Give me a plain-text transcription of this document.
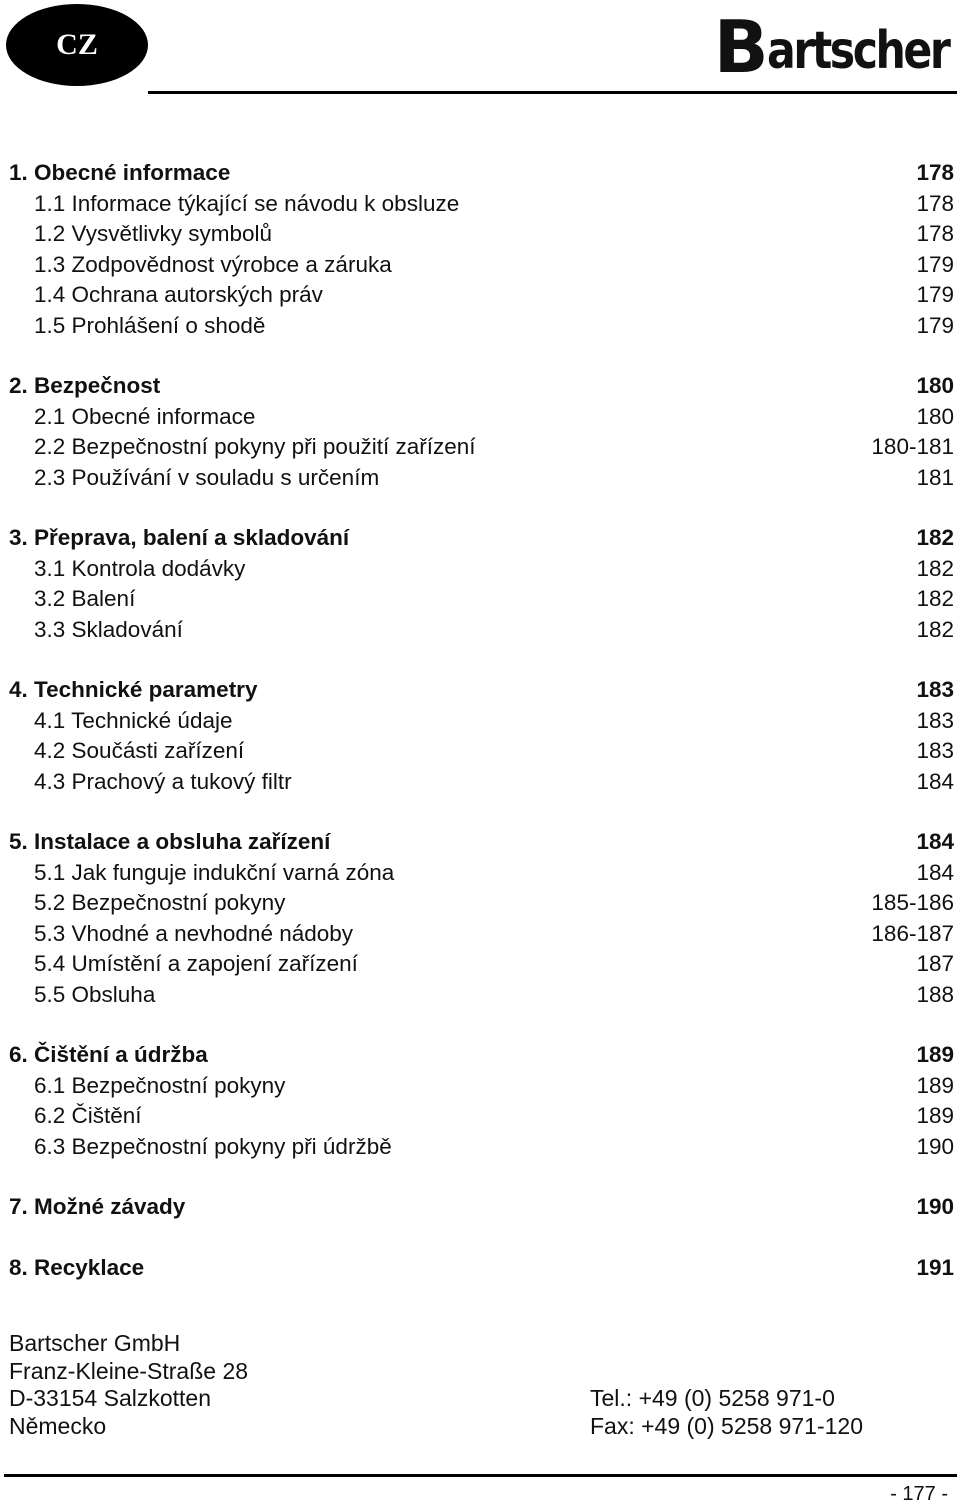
CZ	B artscher
1. Obecné informace	178
1.1 Informace týkající se návodu k obsluze	178
1.2 Vysvětlivky symbolů	178
1.3 Zodpovědnost výrobce a záruka	179
1.4 Ochrana autorských práv	179
1.5 Prohlášení o shodě	179
2. Bezpečnost	180
2.1 Obecné informace	180
2.2 Bezpečnostní pokyny při použití zařízení	180-181
2.3 Používání v souladu s určením	181
3. Přeprava, balení a skladování	182
3.1 Kontrola dodávky	182
3.2 Balení	182
3.3 Skladování	182
4. Technické parametry	183
4.1 Technické údaje	183
4.2 Součásti zařízení	183
4.3 Prachový a tukový filtr	184
5. Instalace a obsluha zařízení	184
5.1 Jak funguje indukční varná zóna	184
5.2 Bezpečnostní pokyny	185-186
5.3 Vhodné a nevhodné nádoby	186-187
5.4 Umístění a zapojení zařízení	187
5.5 Obsluha	188
6. Čištění a údržba	189
6.1 Bezpečnostní pokyny	189
6.2 Čištění	189
6.3 Bezpečnostní pokyny při údržbě	190
7. Možné závady	190
8. Recyklace	191
Bartscher GmbH
Franz-Kleine-Straße 28
D-33154 Salzkotten
Německo
Tel.: +49 (0) 5258 971-0
Fax: +49 (0) 5258 971-120
- 177 -
